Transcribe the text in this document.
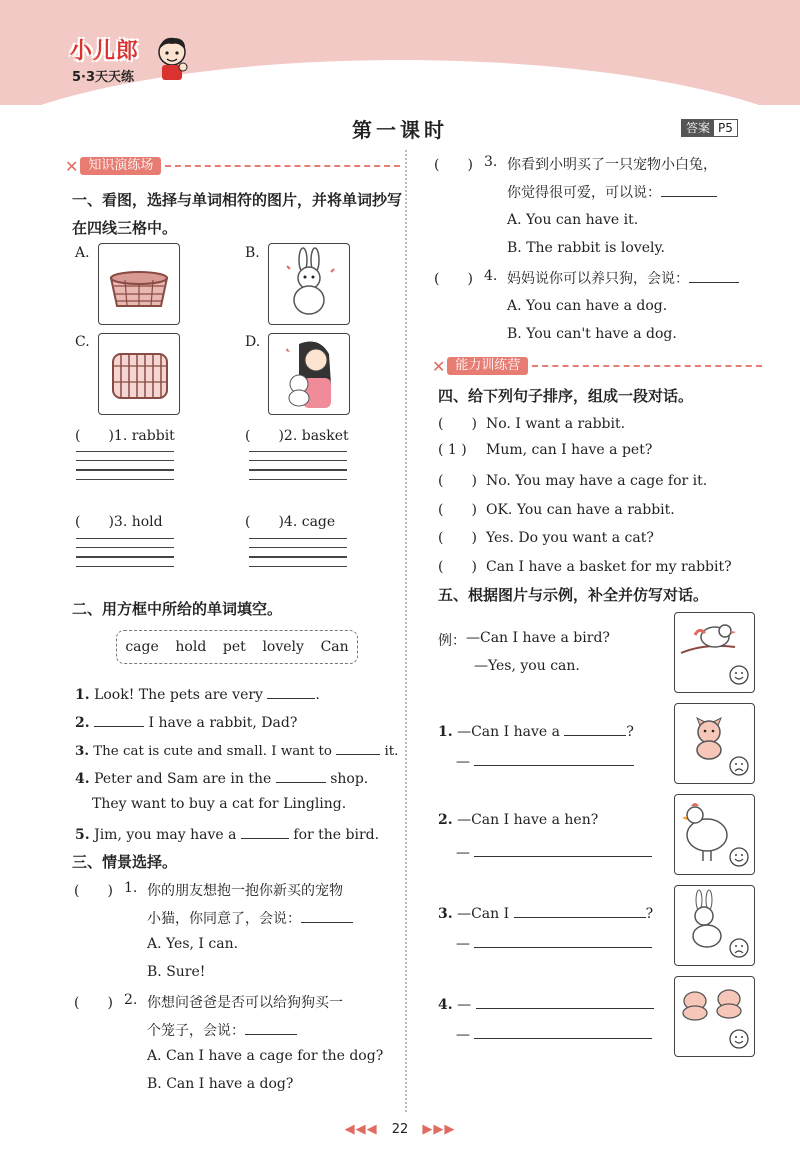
小儿郎
5·3天天练
第一课时	答案 P5
✕ 知识演练场
一、看图，选择与单词相符的图片，并将单词抄写在四线三格中。
A.	B.
C.	D.
(　　)1. rabbit	(　　)2. basket
(　　)3. hold	(　　)4. cage
二、用方框中所给的单词填空。
cage hold pet lovely Can
1. Look! The pets are very	.
2.	I have a rabbit, Dad?
3. The cat is cute and small. I want to	it.
4. Peter and Sam are in the	shop.
They want to buy a cat for Lingling.
5. Jim, you may have a	for the bird.
三、情景选择。
(　　) 1. 你的朋友想抱一抱你新买的宠物
小猫，你同意了，会说：
A. Yes, I can.
B. Sure!
(　　) 2. 你想问爸爸是否可以给狗狗买一
个笼子，会说：
A. Can I have a cage for the dog?
B. Can I have a dog?
(　　) 3. 你看到小明买了一只宠物小白兔，
你觉得很可爱，可以说：
A. You can have it.
B. The rabbit is lovely.
(　　) 4. 妈妈说你可以养只狗，会说：
A. You can have a dog.
B. You can't have a dog.
✕ 能力训练营
四、给下列句子排序，组成一段对话。
(　　) No. I want a rabbit.
( 1 ) Mum, can I have a pet?
(　　) No. You may have a cage for it.
(　　) OK. You can have a rabbit.
(　　) Yes. Do you want a cat?
(　　) Can I have a basket for my rabbit?
五、根据图片与示例，补全并仿写对话。
例： —Can I have a bird?
—Yes, you can.
1. —Can I have a	?
—
2. —Can I have a hen?
—
3. —Can I	?
—
4. —
—
◀◀◀ 22 ▶▶▶
